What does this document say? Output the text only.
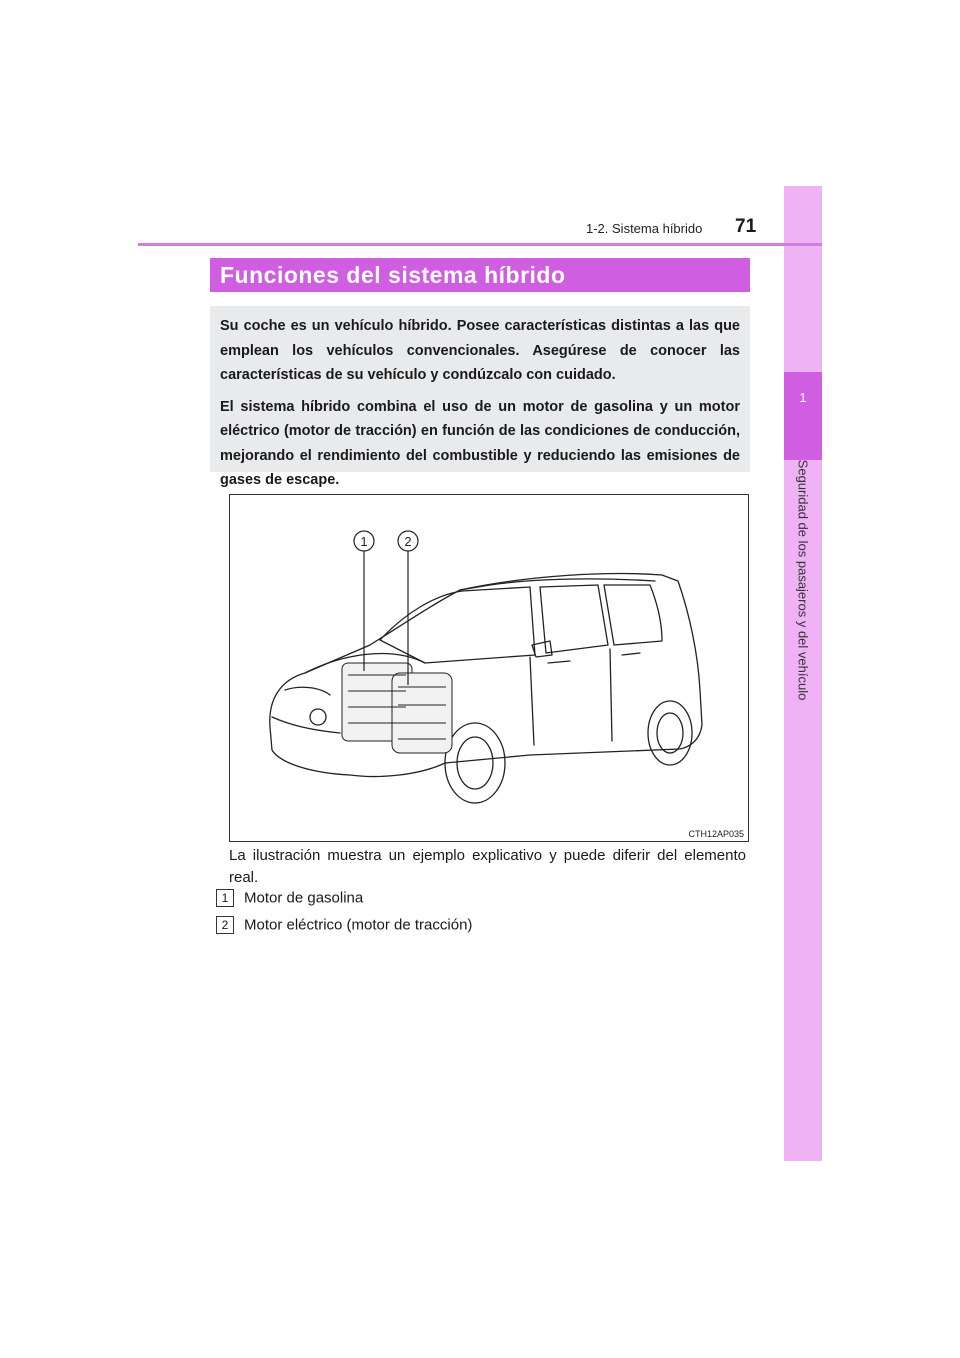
1
Seguridad de los pasajeros y del vehículo
71
1-2. Sistema híbrido
Funciones del sistema híbrido

Su coche es un vehículo híbrido. Posee características distintas a las que emplean los vehículos convencionales. Asegúrese de conocer las características de su vehículo y condúzcalo con cuidado.

El sistema híbrido combina el uso de un motor de gasolina y un motor eléctrico (motor de tracción) en función de las condiciones de conducción, mejorando el rendimiento del combustible y reduciendo las emisiones de gases de escape.

1	2
CTH12AP035
La ilustración muestra un ejemplo explicativo y puede diferir del elemento real.
1 Motor de gasolina
2 Motor eléctrico (motor de tracción)
